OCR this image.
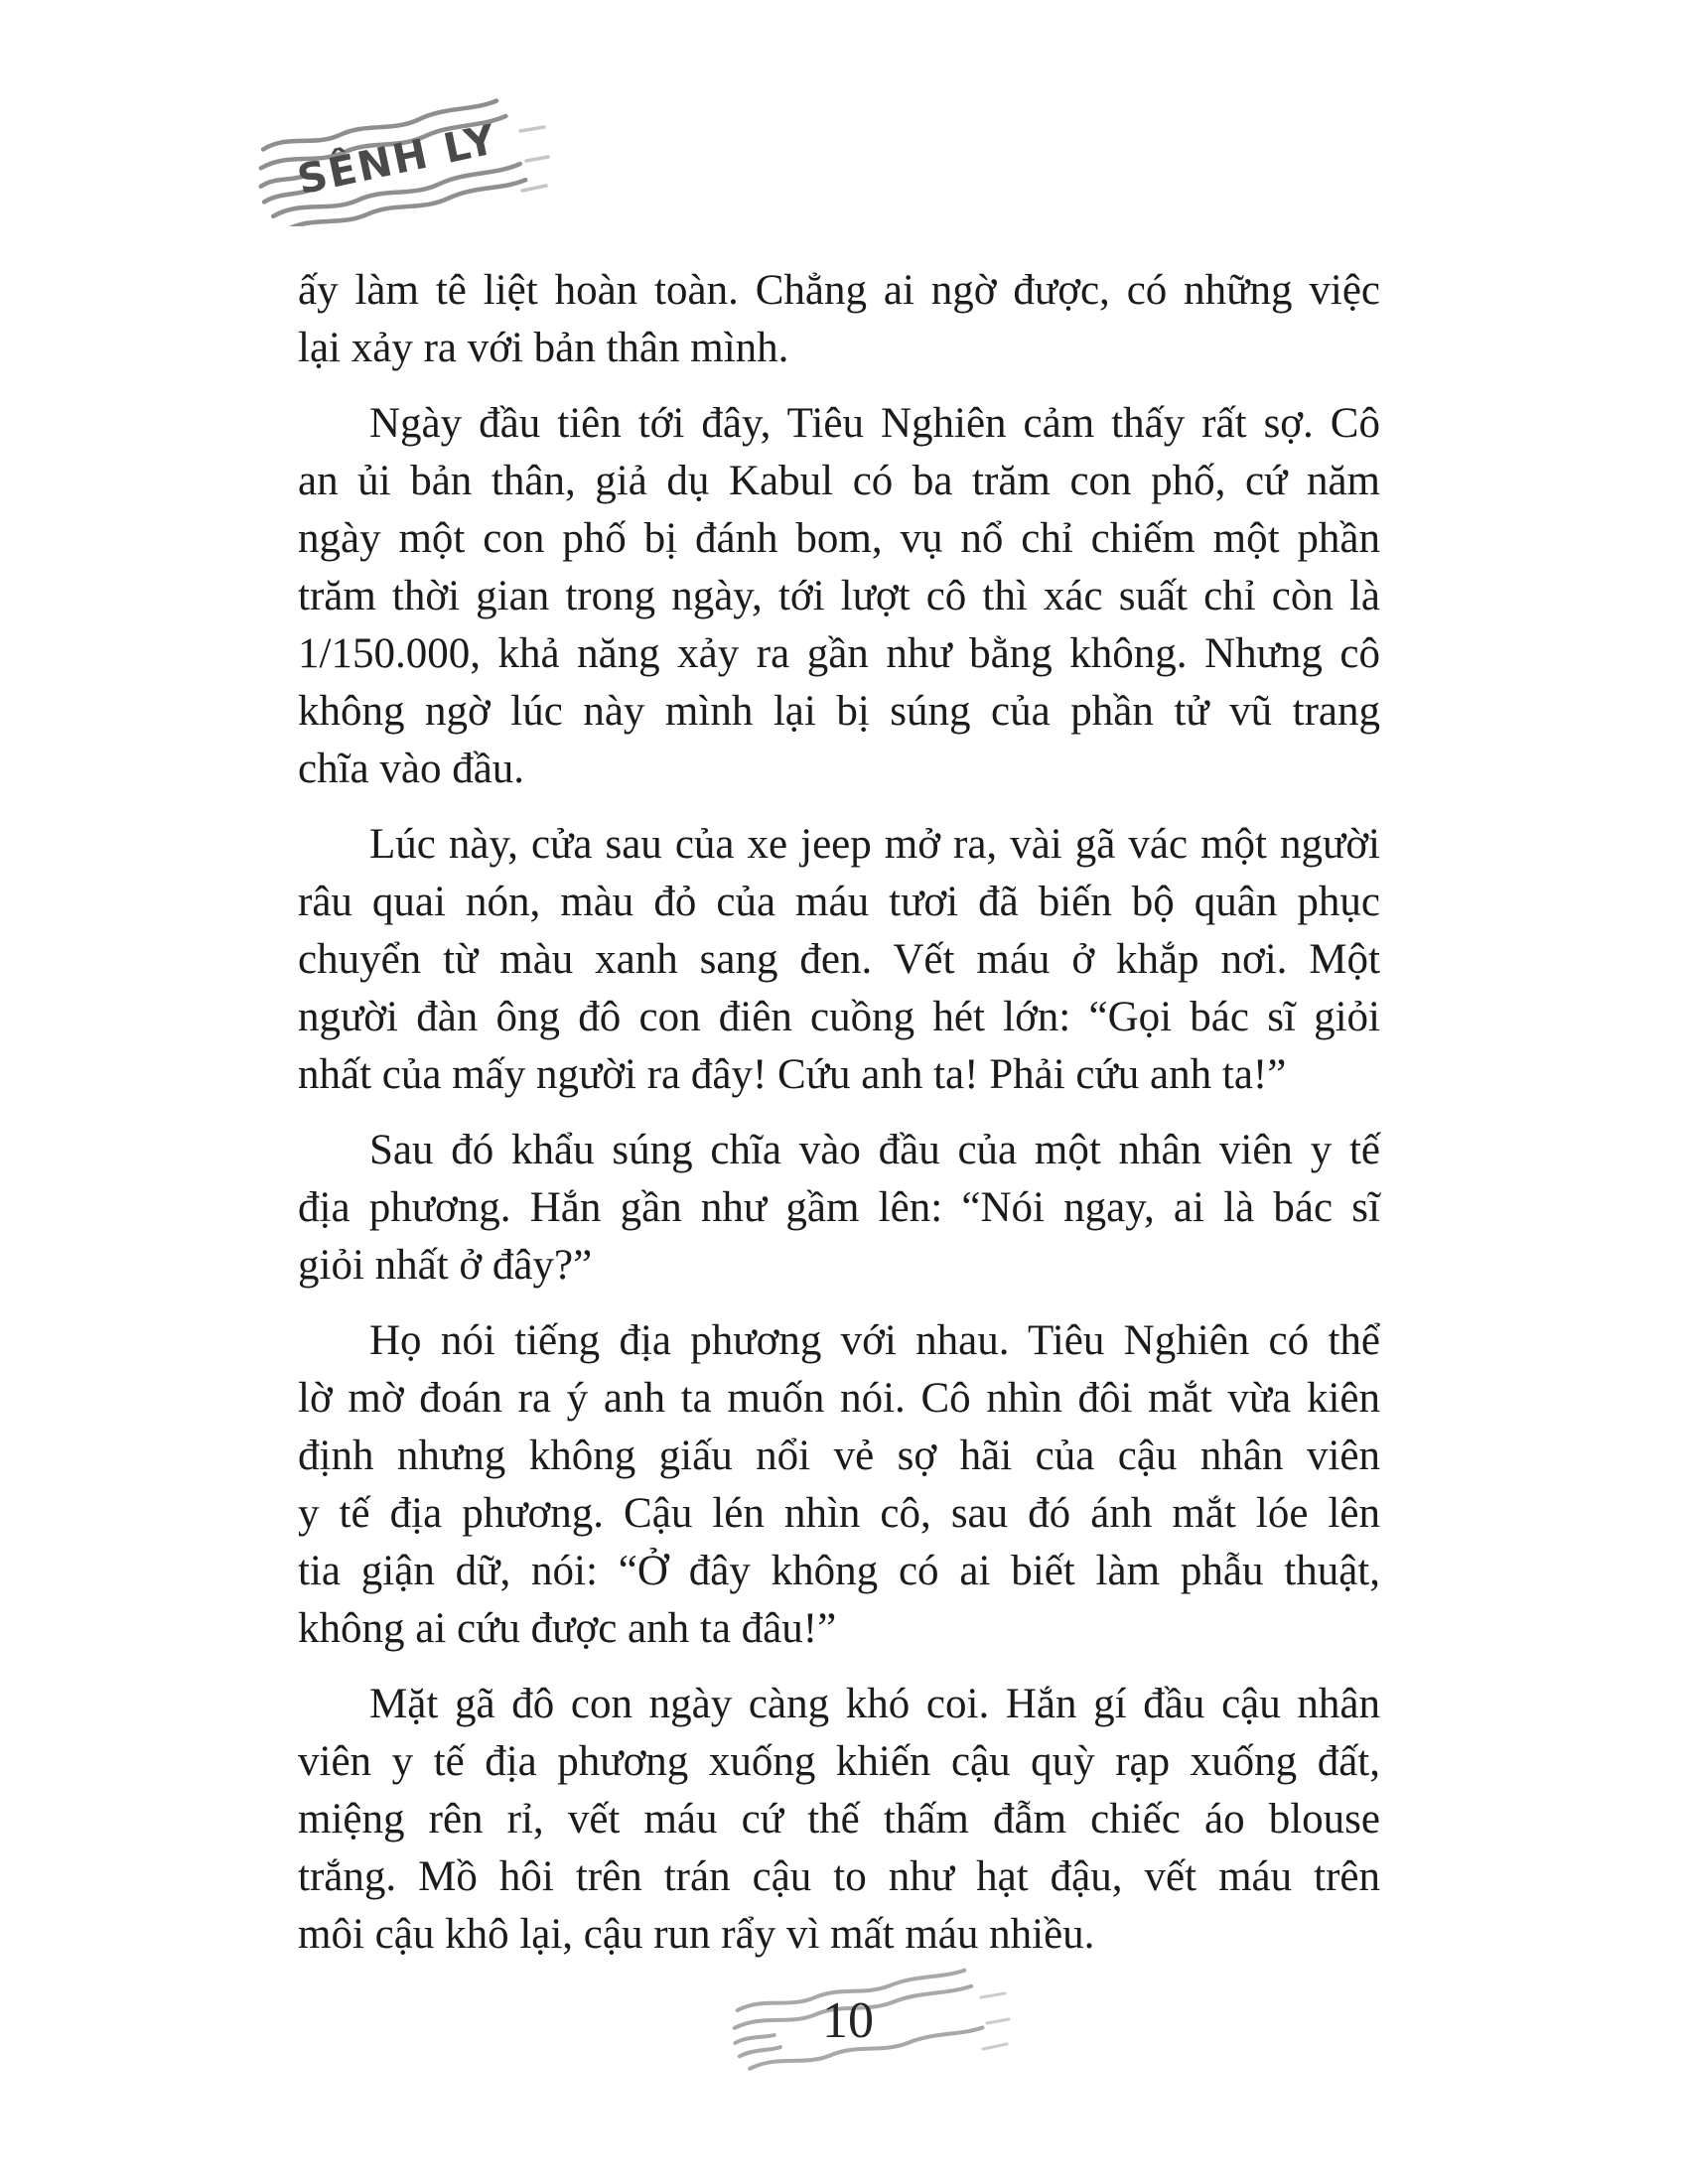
SÊNH LY
ấy làm tê liệt hoàn toàn. Chẳng ai ngờ được, có những việc
lại xảy ra với bản thân mình.
Ngày đầu tiên tới đây, Tiêu Nghiên cảm thấy rất sợ. Cô
an ủi bản thân, giả dụ Kabul có ba trăm con phố, cứ năm
ngày một con phố bị đánh bom, vụ nổ chỉ chiếm một phần
trăm thời gian trong ngày, tới lượt cô thì xác suất chỉ còn là
1/150.000, khả năng xảy ra gần như bằng không. Nhưng cô
không ngờ lúc này mình lại bị súng của phần tử vũ trang
chĩa vào đầu.
Lúc này, cửa sau của xe jeep mở ra, vài gã vác một người
râu quai nón, màu đỏ của máu tươi đã biến bộ quân phục
chuyển từ màu xanh sang đen. Vết máu ở khắp nơi. Một
người đàn ông đô con điên cuồng hét lớn: “Gọi bác sĩ giỏi
nhất của mấy người ra đây! Cứu anh ta! Phải cứu anh ta!”
Sau đó khẩu súng chĩa vào đầu của một nhân viên y tế
địa phương. Hắn gần như gầm lên: “Nói ngay, ai là bác sĩ
giỏi nhất ở đây?”
Họ nói tiếng địa phương với nhau. Tiêu Nghiên có thể
lờ mờ đoán ra ý anh ta muốn nói. Cô nhìn đôi mắt vừa kiên
định nhưng không giấu nổi vẻ sợ hãi của cậu nhân viên
y tế địa phương. Cậu lén nhìn cô, sau đó ánh mắt lóe lên
tia giận dữ, nói: “Ở đây không có ai biết làm phẫu thuật,
không ai cứu được anh ta đâu!”
Mặt gã đô con ngày càng khó coi. Hắn gí đầu cậu nhân
viên y tế địa phương xuống khiến cậu quỳ rạp xuống đất,
miệng rên rỉ, vết máu cứ thế thấm đẫm chiếc áo blouse
trắng. Mồ hôi trên trán cậu to như hạt đậu, vết máu trên
môi cậu khô lại, cậu run rẩy vì mất máu nhiều.
10
